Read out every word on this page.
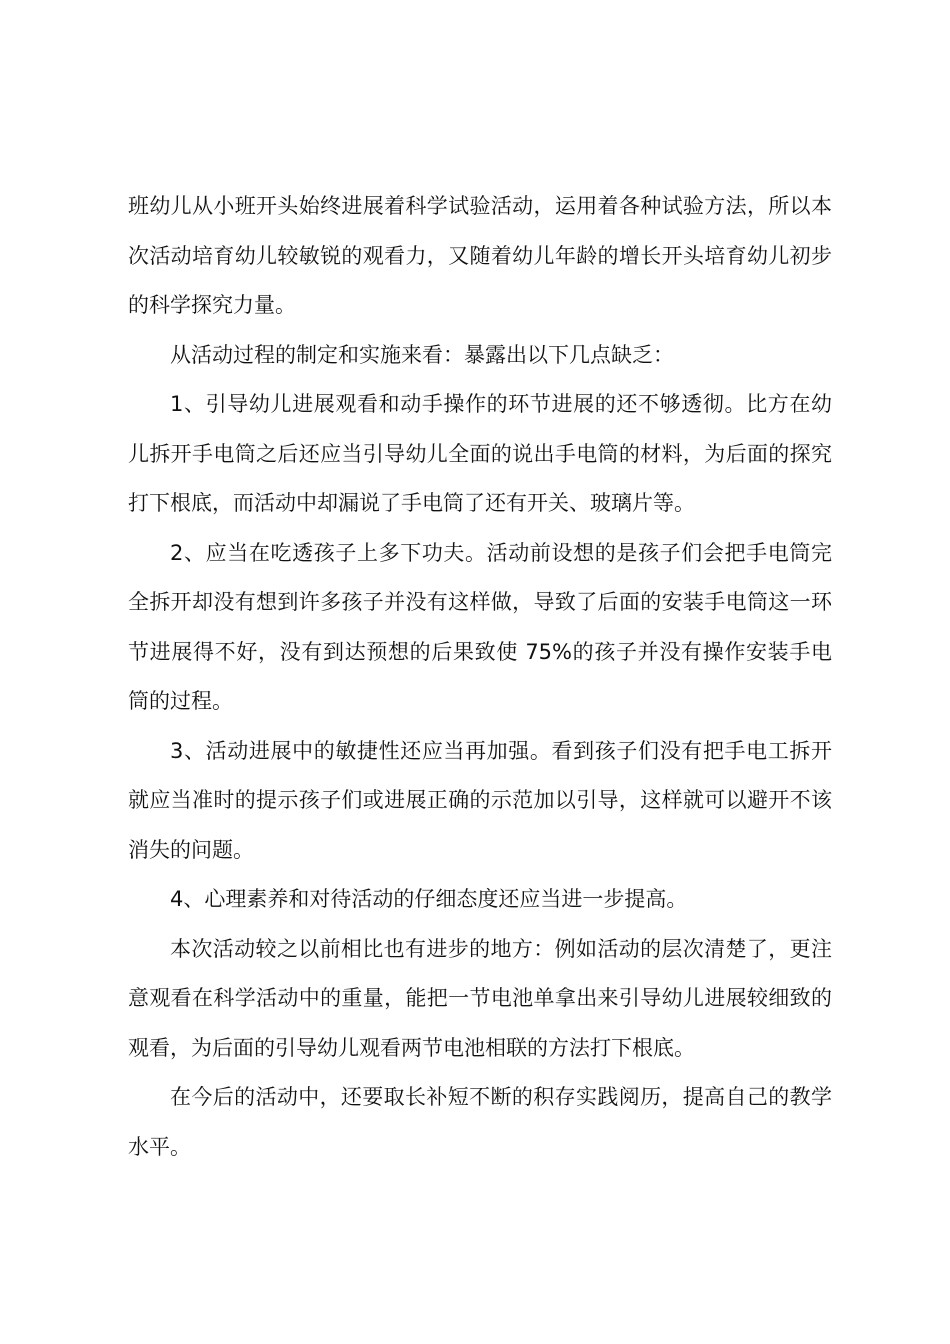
班幼儿从小班开头始终进展着科学试验活动，运用着各种试验方法，所以本次活动培育幼儿较敏锐的观看力，又随着幼儿年龄的增长开头培育幼儿初步的科学探究力量。

从活动过程的制定和实施来看：暴露出以下几点缺乏：

1、引导幼儿进展观看和动手操作的环节进展的还不够透彻。比方在幼儿拆开手电筒之后还应当引导幼儿全面的说出手电筒的材料，为后面的探究打下根底，而活动中却漏说了手电筒了还有开关、玻璃片等。

2、应当在吃透孩子上多下功夫。活动前设想的是孩子们会把手电筒完全拆开却没有想到许多孩子并没有这样做，导致了后面的安装手电筒这一环节进展得不好，没有到达预想的后果致使 75%的孩子并没有操作安装手电筒的过程。

3、活动进展中的敏捷性还应当再加强。看到孩子们没有把手电工拆开就应当准时的提示孩子们或进展正确的示范加以引导，这样就可以避开不该消失的问题。

4、心理素养和对待活动的仔细态度还应当进一步提高。

本次活动较之以前相比也有进步的地方：例如活动的层次清楚了，更注意观看在科学活动中的重量，能把一节电池单拿出来引导幼儿进展较细致的观看，为后面的引导幼儿观看两节电池相联的方法打下根底。

在今后的活动中，还要取长补短不断的积存实践阅历，提高自己的教学水平。
